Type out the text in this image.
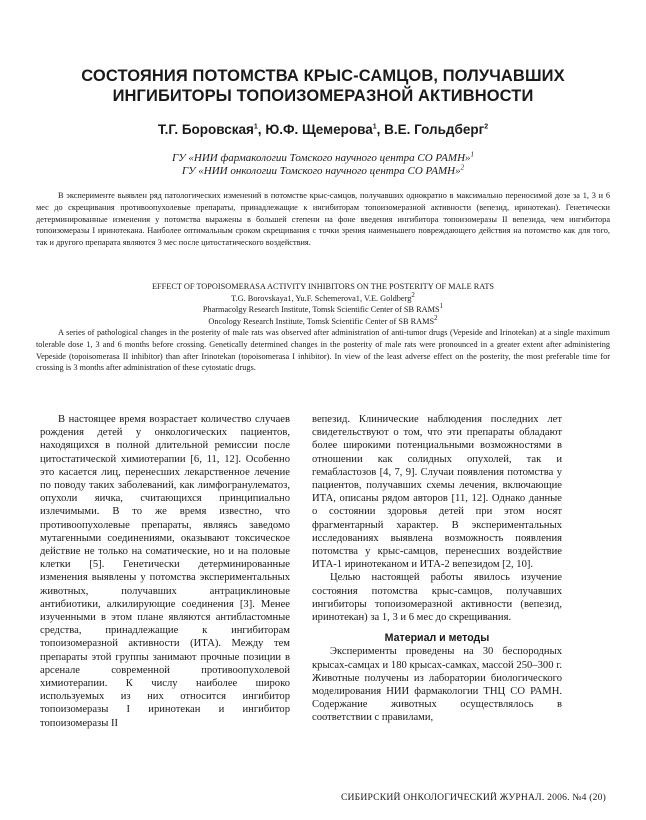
СОСТОЯНИЯ ПОТОМСТВА КРЫС-САМЦОВ, ПОЛУЧАВШИХ ИНГИБИТОРЫ ТОПОИЗОМЕРАЗНОЙ АКТИВНОСТИ
Т.Г. Боровская$^1$, Ю.Ф. Щемерова$^1$, В.Е. Гольдберг$^2$
ГУ «НИИ фармакологии Томского научного центра СО РАМН»$^1$
ГУ «НИИ онкологии Томского научного центра СО РАМН»$^2$

В эксперименте выявлен ряд патологических изменений в потомстве крыс-самцов, получавших однократно в максимально переносимой дозе за 1, 3 и 6 мес до скрещивания противоопухолевые препараты, принадлежащие к ингибиторам топоизомеразной активности (вепезид, иринотекан). Генетически детерминированные изменения у потомства выражены в большей степени на фоне введения ингибитора топоизомеразы II вепезида, чем ингибитора топоизомеразы I иринотекана. Наиболее оптимальным сроком скрещивания с точки зрения наименьшего повреждающего действия на потомство как для того, так и другого препарата являются 3 мес после цитостатического воздействия.

EFFECT OF TOPOISOMERASA ACTIVITY INHIBITORS ON THE POSTERITY OF MALE RATS
T.G. Borovskaya1, Yu.F. Schemerova1, V.E. Goldberg$^2$
Pharmacolgy Research Institute, Tomsk Scientific Center of SB RAMS$^1$
Oncology Research Institute, Tomsk Scientific Center of SB RAMS$^2$

A series of pathological changes in the posterity of male rats was observed after administration of anti-tumor drugs (Vepeside and Irinotekan) at a single maximum tolerable dose 1, 3 and 6 months before crossing. Genetically determined changes in the posterity of male rats were pronounced in a greater extent after administering Vepeside (topoisomerasa II inhibitor) than after Irinotekan (topoisomerasa I inhibitor). In view of the least adverse effect on the posterity, the most preferable time for crossing is 3 months after administration of these cytostatic drugs.

В настоящее время возрастает количество случаев рождения детей у онкологических пациентов, находящихся в полной длительной ремиссии после цитостатической химиотерапии [6, 11, 12]. Особенно это касается лиц, перенесших лекарственное лечение по поводу таких заболеваний, как лимфогранулематоз, опухоли яичка, считающихся принципиально излечимыми. В то же время известно, что противоопухолевые препараты, являясь заведомо мутагенными соединениями, оказывают токсическое действие не только на соматические, но и на половые клетки [5]. Генетически детерминированные изменения выявлены у потомства экспериментальных животных, получавших антрациклиновые антибиотики, алкилирующие соединения [3]. Менее изученными в этом плане являются антибластомные средства, принадлежащие к ингибиторам топоизомеразной активности (ИТА). Между тем препараты этой группы занимают прочные позиции в арсенале современной противоопухолевой химиотерапии. К числу наиболее широко используемых из них относится ингибитор топоизомеразы I иринотекан и ингибитор топоизомеразы II

вепезид. Клинические наблюдения последних лет свидетельствуют о том, что эти препараты обладают более широкими потенциальными возможностями в отношении как солидных опухолей, так и гемабластозов [4, 7, 9]. Случаи появления потомства у пациентов, получавших схемы лечения, включающие ИТА, описаны рядом авторов [11, 12]. Однако данные о состоянии здоровья детей при этом носят фрагментарный характер. В экспериментальных исследованиях выявлена возможность появления потомства у крыс-самцов, перенесших воздействие ИТА-1 иринотеканом и ИТА-2 вепезидом [2, 10].

Целью настоящей работы явилось изучение состояния потомства крыс-самцов, получавших ингибиторы топоизомеразной активности (вепезид, иринотекан) за 1, 3 и 6 мес до скрещивания.

Материал и методы

Эксперименты проведены на 30 беспородных крысах-самцах и 180 крысах-самках, массой 250–300 г. Животные получены из лаборатории биологического моделирования НИИ фармакологии ТНЦ СО РАМН. Содержание животных осуществлялось в соответствии с правилами,

СИБИРСКИЙ ОНКОЛОГИЧЕСКИЙ ЖУРНАЛ. 2006. №4 (20)
